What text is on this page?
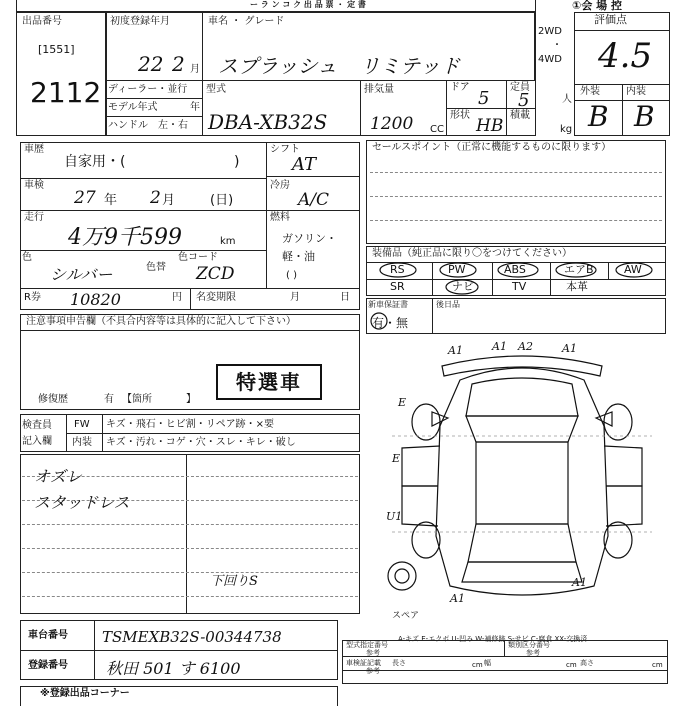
ー ラ ン コ ク 出 品 票 ・ 定 書	①会 場 控
出品番号
[1551]
2112
初度登録年月
22 2 月
車名 ・ グレード
スプラッシュ リミテッド
2WD
4WD
・
ディーラー・並行
モデル年式	年
ハンドル 左・右
型式
DBA-XB32S
排気量
1200 CC
ドア
5
定員
5	人
形状
HB
積載
kg
評価点
4.5
外装	内装
B B
車歴
自家用・(	)
車検
27 年 2 月	(日)
走行
4万9千599	km
色
シルバー	色替
色コード
ZCD
シフト
AT
冷房
A/C
燃料
ガソリン・軽・油
( )
R券 10820	円 名変期限	月	日
セールスポイント（正常に機能するものに限ります）
装備品（純正品に限り〇をつけてください）
RS	PW	ABS	エアB	AW
SR	ナビ	TV	本革
新車保証書
有・無
後日品
注意事項申告欄（不具合内容等は具体的に記入して下さい）
特選車
修復歴	有 【箇所	】
検査員
記入欄
FW キズ・飛石・ヒビ割・リペア跡・×要
内装 キズ・汚れ・コゲ・穴・スレ・キレ・破し
オズレ
スタッドレス
下回りS
A1	A1	A1
A2
E
E
U1
A1
A1
スペア
A-キズ E-エクボ U-凹み W-補修跡 S-サビ C-腐食 XX-交換済
車台番号 TSMEXB32S-00344738
登録番号 秋田 501 す 6100
型式指定番号
参考
類別区分番号
参考
車検証記載
参考
長さ	cm 幅	cm 高さ	cm
※登録出品コーナー
